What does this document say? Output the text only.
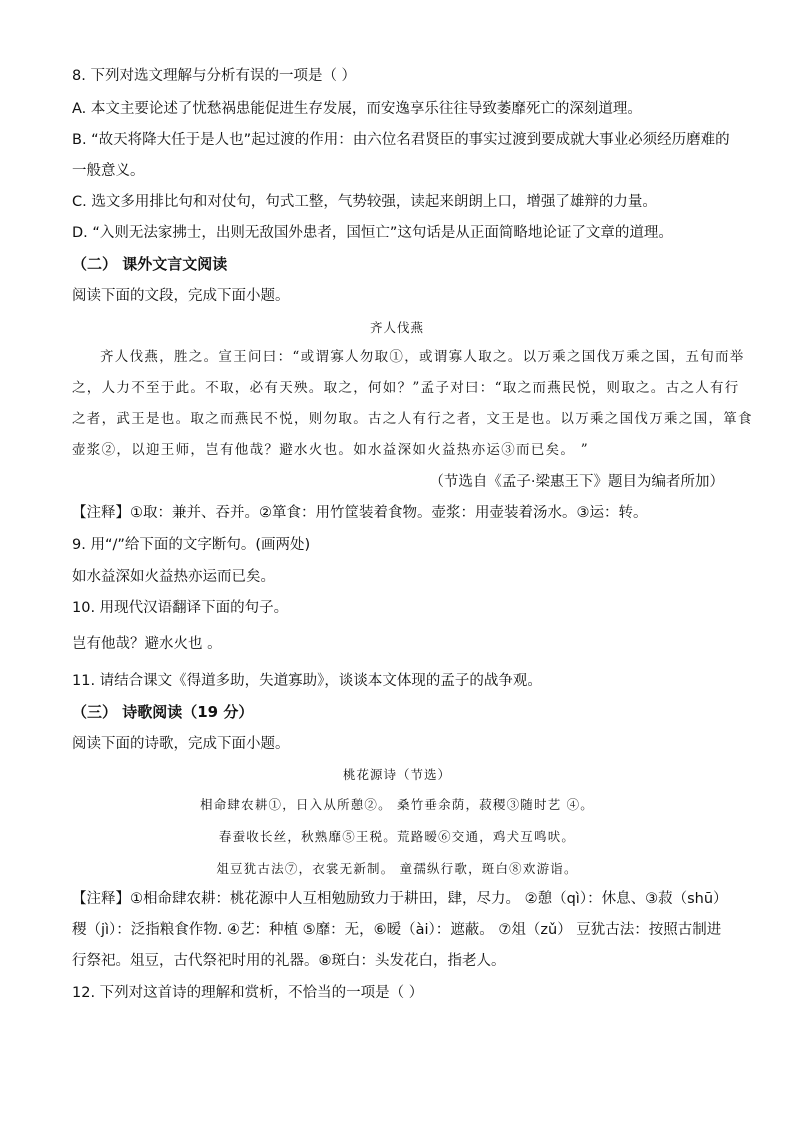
8. 下列对选文理解与分析有误的一项是（ ）
A. 本文主要论述了忧愁祸患能促进生存发展，而安逸享乐往往导致萎靡死亡的深刻道理。
B. “故天将降大任于是人也”起过渡的作用：由六位名君贤臣的事实过渡到要成就大事业必须经历磨难的
一般意义。
C. 选文多用排比句和对仗句，句式工整，气势较强，读起来朗朗上口，增强了雄辩的力量。
D. “入则无法家拂士，出则无敌国外患者，国恒亡”这句话是从正面简略地论证了文章的道理。
（二） 课外文言文阅读
阅读下面的文段，完成下面小题。
齐人伐燕
齐人伐燕，胜之。宣王问曰：“或谓寡人勿取①，或谓寡人取之。以万乘之国伐万乘之国，五旬而举
之，人力不至于此。不取，必有天殃。取之，何如？”孟子对曰：“取之而燕民悦，则取之。古之人有行
之者，武王是也。取之而燕民不悦，则勿取。古之人有行之者，文王是也。以万乘之国伐万乘之国，箪食
壶浆②，以迎王师，岂有他哉？避水火也。如水益深如火益热亦运③而已矣。 ”
（节选自《孟子·梁惠王下》题目为编者所加）
【注释】①取：兼并、吞并。②箪食：用竹筐装着食物。壶浆：用壶装着汤水。③运：转。
9. 用“/”给下面的文字断句。(画两处)
如水益深如火益热亦运而已矣。
10. 用现代汉语翻译下面的句子。
岂有他哉？避水火也 。
11. 请结合课文《得道多助，失道寡助》，谈谈本文体现的孟子的战争观。
（三） 诗歌阅读（19 分）
阅读下面的诗歌，完成下面小题。
桃花源诗（节选）
相命肆农耕①，日入从所憩②。 桑竹垂余荫，菽稷③随时艺 ④。
春蚕收长丝，秋熟靡⑤王税。荒路暧⑥交通，鸡犬互鸣吠。
俎豆犹古法⑦，衣裳无新制。 童孺纵行歌，斑白⑧欢游诣。
【注释】①相命肆农耕：桃花源中人互相勉励致力于耕田，肆，尽力。 ②憩（qì）：休息、③菽（shū）
稷（jì）：泛指粮食作物. ④艺：种植 ⑤靡：无，⑥暧（ài）：遮蔽。 ⑦俎（zǔ） 豆犹古法：按照古制进
行祭祀。俎豆，古代祭祀时用的礼器。⑧斑白：头发花白，指老人。
12. 下列对这首诗的理解和赏析，不恰当的一项是（ ）
